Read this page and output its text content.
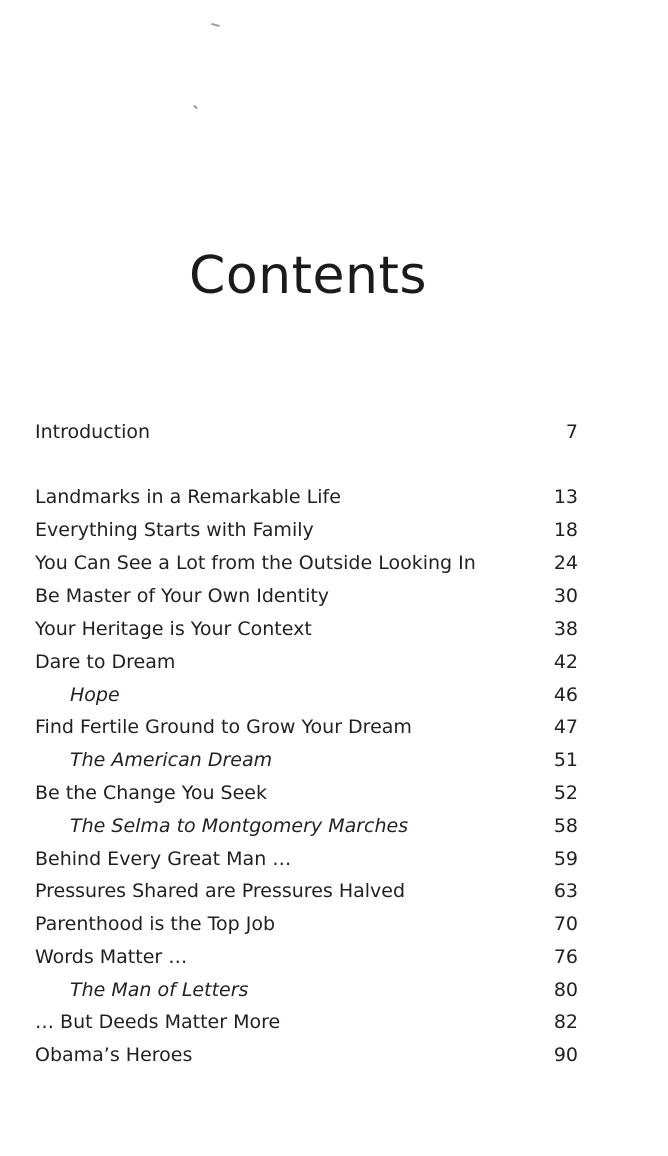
Contents
Introduction	7
Landmarks in a Remarkable Life	13
Everything Starts with Family	18
You Can See a Lot from the Outside Looking In	24
Be Master of Your Own Identity	30
Your Heritage is Your Context	38
Dare to Dream	42
Hope	46
Find Fertile Ground to Grow Your Dream	47
The American Dream	51
Be the Change You Seek	52
The Selma to Montgomery Marches	58
Behind Every Great Man …	59
Pressures Shared are Pressures Halved	63
Parenthood is the Top Job	70
Words Matter …	76
The Man of Letters	80
… But Deeds Matter More	82
Obama’s Heroes	90
